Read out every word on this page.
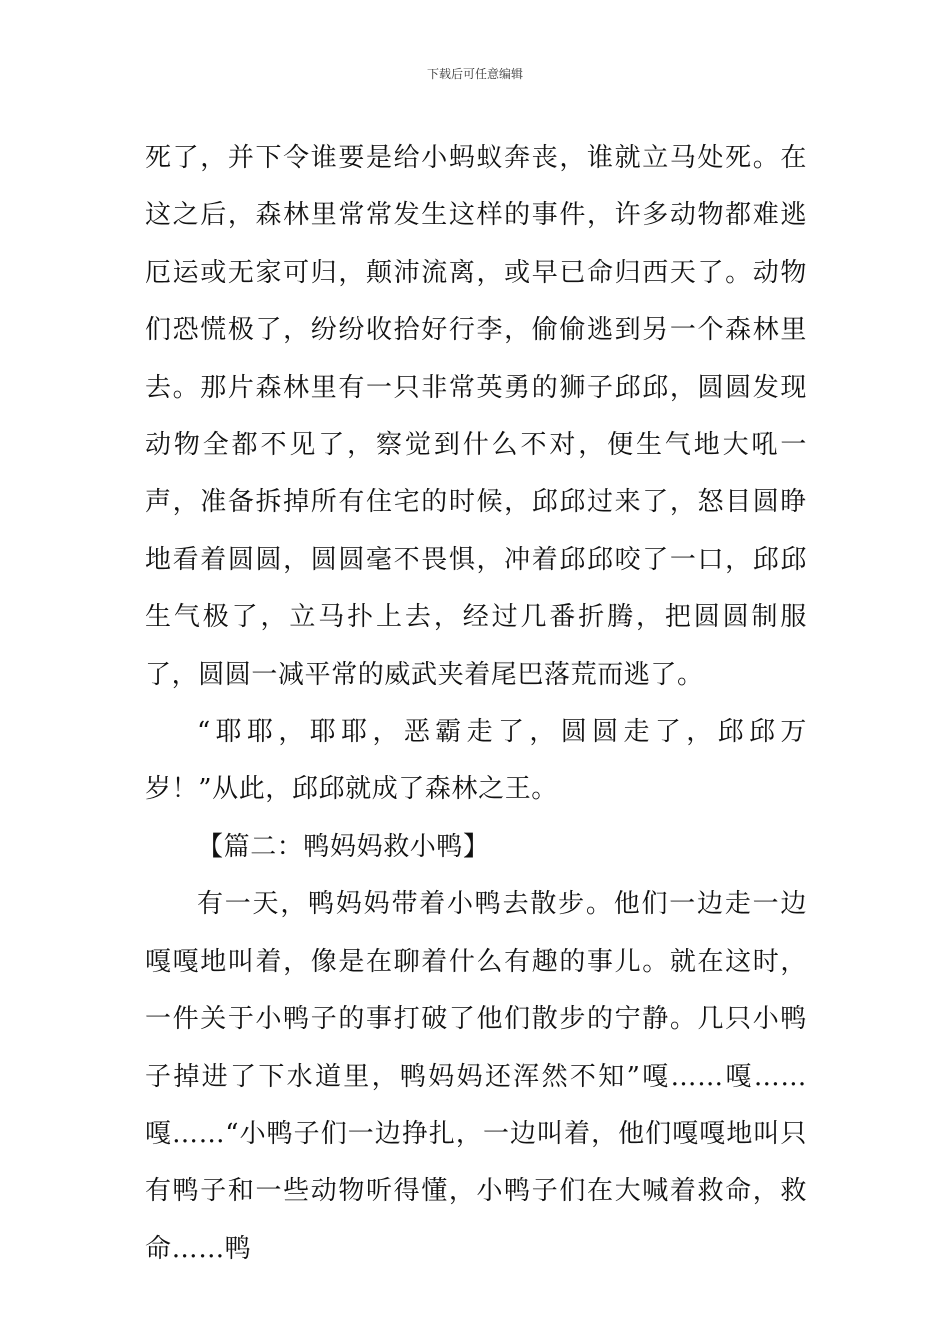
下载后可任意编辑

死了，并下令谁要是给小蚂蚁奔丧，谁就立马处死。在这之后，森林里常常发生这样的事件，许多动物都难逃厄运或无家可归，颠沛流离，或早已命归西天了。动物们恐慌极了，纷纷收拾好行李，偷偷逃到另一个森林里去。那片森林里有一只非常英勇的狮子邱邱，圆圆发现动物全都不见了，察觉到什么不对，便生气地大吼一声，准备拆掉所有住宅的时候，邱邱过来了，怒目圆睁地看着圆圆，圆圆毫不畏惧，冲着邱邱咬了一口，邱邱生气极了，立马扑上去，经过几番折腾，把圆圆制服了，圆圆一减平常的威武夹着尾巴落荒而逃了。

“耶耶，耶耶，恶霸走了，圆圆走了，邱邱万岁！”从此，邱邱就成了森林之王。

【篇二：鸭妈妈救小鸭】

有一天，鸭妈妈带着小鸭去散步。他们一边走一边嘎嘎地叫着，像是在聊着什么有趣的事儿。就在这时，一件关于小鸭子的事打破了他们散步的宁静。几只小鸭子掉进了下水道里，鸭妈妈还浑然不知”嘎……嘎……嘎……“小鸭子们一边挣扎，一边叫着，他们嘎嘎地叫只有鸭子和一些动物听得懂，小鸭子们在大喊着救命，救命……鸭
